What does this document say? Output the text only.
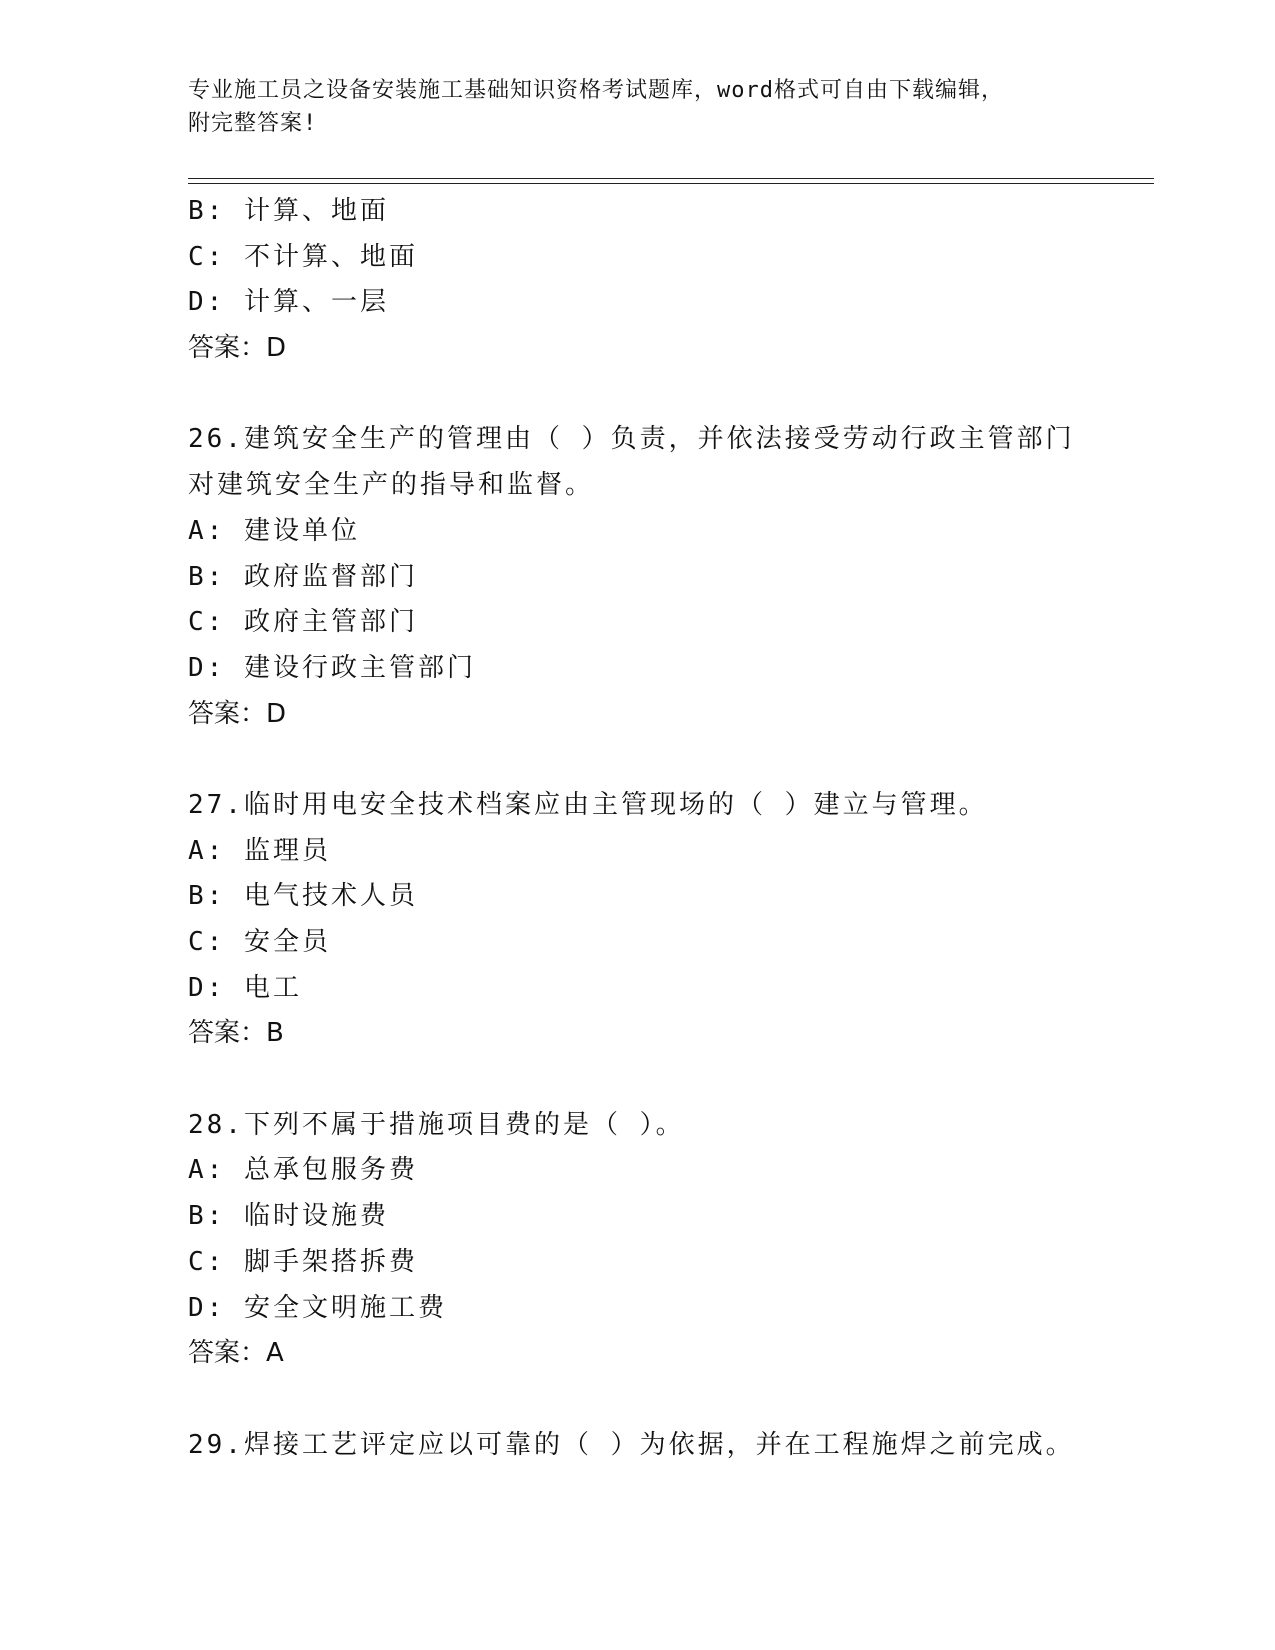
专业施工员之设备安装施工基础知识资格考试题库，word格式可自由下载编辑，
附完整答案!
B: 计算、地面
C: 不计算、地面
D: 计算、一层
答案：D
26.建筑安全生产的管理由（ ）负责，并依法接受劳动行政主管部门
对建筑安全生产的指导和监督。
A: 建设单位
B: 政府监督部门
C: 政府主管部门
D: 建设行政主管部门
答案：D
27.临时用电安全技术档案应由主管现场的（ ）建立与管理。
A: 监理员
B: 电气技术人员
C: 安全员
D: 电工
答案：B
28.下列不属于措施项目费的是（ ）。
A: 总承包服务费
B: 临时设施费
C: 脚手架搭拆费
D: 安全文明施工费
答案：A
29.焊接工艺评定应以可靠的（ ）为依据，并在工程施焊之前完成。
